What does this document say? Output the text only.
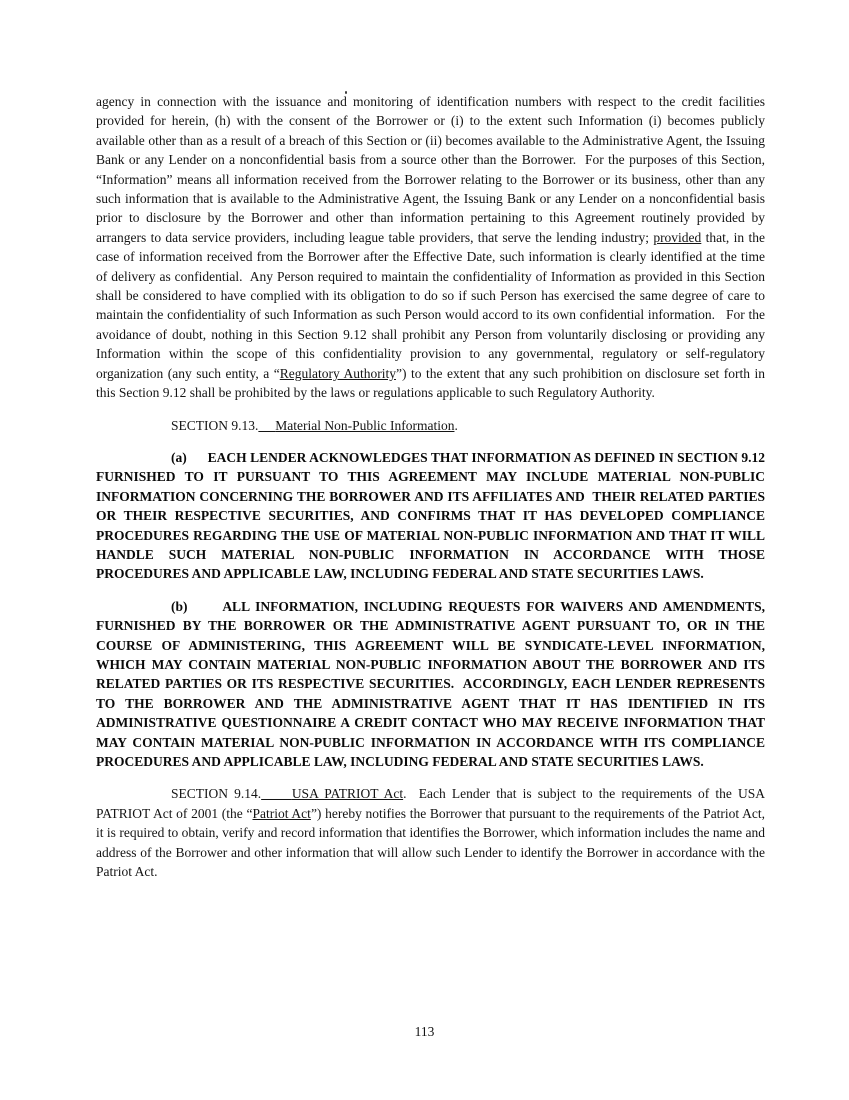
agency in connection with the issuance and monitoring of identification numbers with respect to the credit facilities provided for herein, (h) with the consent of the Borrower or (i) to the extent such Information (i) becomes publicly available other than as a result of a breach of this Section or (ii) becomes available to the Administrative Agent, the Issuing Bank or any Lender on a nonconfidential basis from a source other than the Borrower.  For the purposes of this Section, “Information” means all information received from the Borrower relating to the Borrower or its business, other than any such information that is available to the Administrative Agent, the Issuing Bank or any Lender on a nonconfidential basis prior to disclosure by the Borrower and other than information pertaining to this Agreement routinely provided by arrangers to data service providers, including league table providers, that serve the lending industry; provided that, in the case of information received from the Borrower after the Effective Date, such information is clearly identified at the time of delivery as confidential.  Any Person required to maintain the confidentiality of Information as provided in this Section shall be considered to have complied with its obligation to do so if such Person has exercised the same degree of care to maintain the confidentiality of such Information as such Person would accord to its own confidential information.   For the avoidance of doubt, nothing in this Section 9.12 shall prohibit any Person from voluntarily disclosing or providing any Information within the scope of this confidentiality provision to any governmental, regulatory or self-regulatory organization (any such entity, a “Regulatory Authority”) to the extent that any such prohibition on disclosure set forth in this Section 9.12 shall be prohibited by the laws or regulations applicable to such Regulatory Authority.

SECTION 9.13. Material Non-Public Information.

(a) EACH LENDER ACKNOWLEDGES THAT INFORMATION AS DEFINED IN SECTION 9.12 FURNISHED TO IT PURSUANT TO THIS AGREEMENT MAY INCLUDE MATERIAL NON-PUBLIC INFORMATION CONCERNING THE BORROWER AND ITS AFFILIATES AND  THEIR RELATED PARTIES OR THEIR RESPECTIVE SECURITIES, AND CONFIRMS THAT IT HAS DEVELOPED COMPLIANCE PROCEDURES REGARDING THE USE OF MATERIAL NON-PUBLIC INFORMATION AND THAT IT WILL HANDLE SUCH MATERIAL NON-PUBLIC INFORMATION IN ACCORDANCE WITH THOSE PROCEDURES AND APPLICABLE LAW, INCLUDING FEDERAL AND STATE SECURITIES LAWS.

(b)	ALL INFORMATION, INCLUDING REQUESTS FOR WAIVERS AND AMENDMENTS, FURNISHED BY THE BORROWER OR THE ADMINISTRATIVE AGENT PURSUANT TO, OR IN THE COURSE OF ADMINISTERING, THIS AGREEMENT WILL BE SYNDICATE-LEVEL INFORMATION, WHICH MAY CONTAIN MATERIAL NON-PUBLIC INFORMATION ABOUT THE BORROWER AND ITS RELATED PARTIES OR ITS RESPECTIVE SECURITIES.  ACCORDINGLY, EACH LENDER REPRESENTS TO THE BORROWER AND THE ADMINISTRATIVE AGENT THAT IT HAS IDENTIFIED IN ITS ADMINISTRATIVE QUESTIONNAIRE A CREDIT CONTACT WHO MAY RECEIVE INFORMATION THAT MAY CONTAIN MATERIAL NON-PUBLIC INFORMATION IN ACCORDANCE WITH ITS COMPLIANCE PROCEDURES AND APPLICABLE LAW, INCLUDING FEDERAL AND STATE SECURITIES LAWS.

SECTION 9.14. USA PATRIOT Act.  Each Lender that is subject to the requirements of the USA PATRIOT Act of 2001 (the “Patriot Act”) hereby notifies the Borrower that pursuant to the requirements of the Patriot Act, it is required to obtain, verify and record information that identifies the Borrower, which information includes the name and address of the Borrower and other information that will allow such Lender to identify the Borrower in accordance with the Patriot Act.

113
